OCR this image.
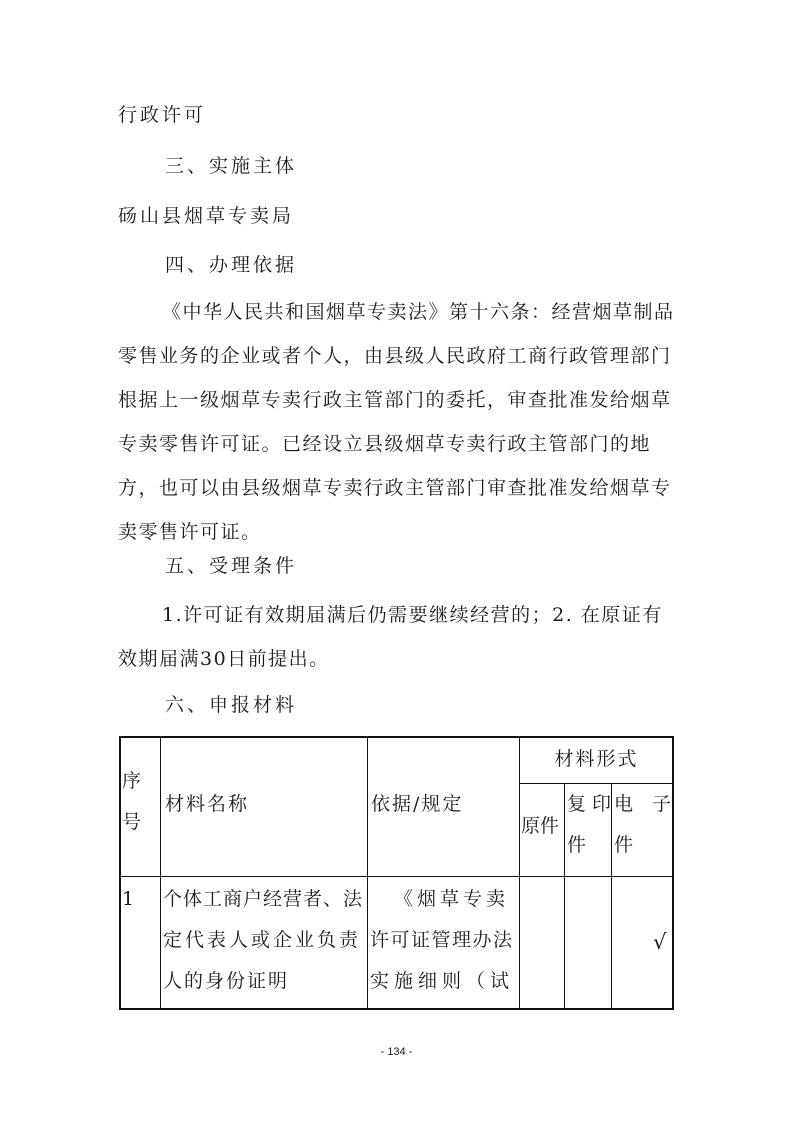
行政许可
三、实施主体
砀山县烟草专卖局
四、办理依据

《中华人民共和国烟草专卖法》第十六条：经营烟草制品零售业务的企业或者个人，由县级人民政府工商行政管理部门根据上一级烟草专卖行政主管部门的委托，审查批准发给烟草专卖零售许可证。已经设立县级烟草专卖行政主管部门的地方，也可以由县级烟草专卖行政主管部门审查批准发给烟草专卖零售许可证。

五、受理条件

1.许可证有效期届满后仍需要继续经营的；2. 在原证有效期届满30日前提出。

六、申报材料
序
号
材料名称	依据/规定
材料形式
原件
复 印
件
电　子
件
1 个体工商户经营者、法
定代表人或企业负责
人的身份证明
《烟草专卖
许可证管理办法
实施细则（试
√
- 134 -
